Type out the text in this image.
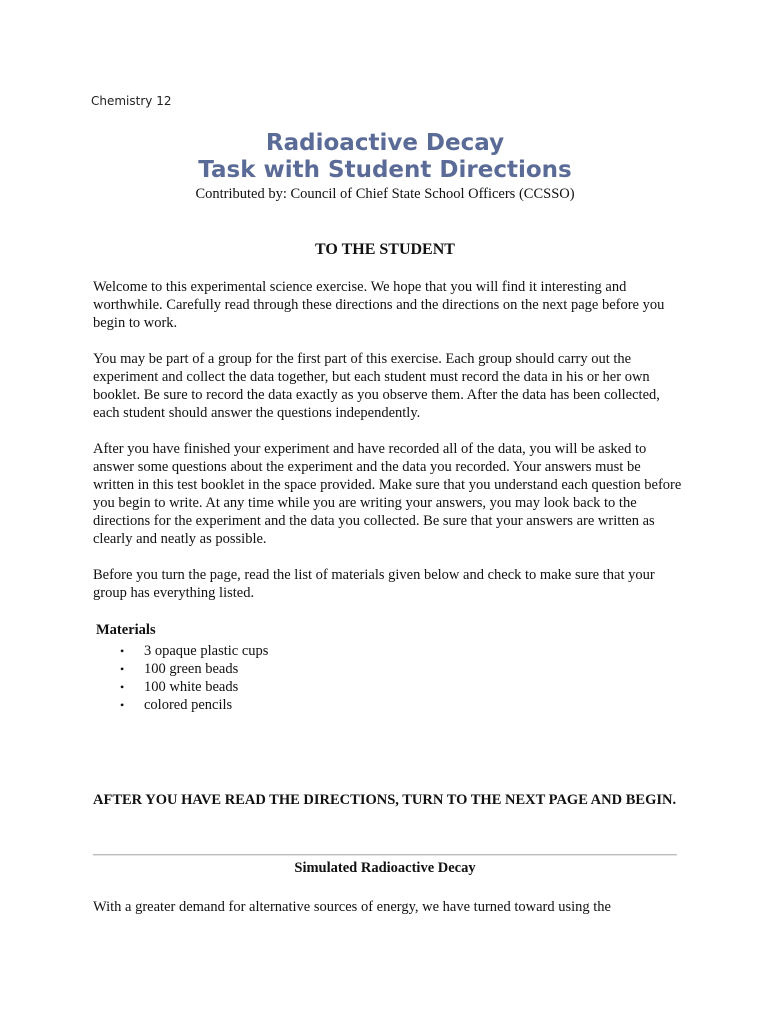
Chemistry 12
Radioactive Decay
Task with Student Directions
Contributed by: Council of Chief State School Officers (CCSSO)
TO THE STUDENT

Welcome to this experimental science exercise. We hope that you will find it interesting and worthwhile. Carefully read through these directions and the directions on the next page before you begin to work.

You may be part of a group for the first part of this exercise. Each group should carry out the experiment and collect the data together, but each student must record the data in his or her own booklet. Be sure to record the data exactly as you observe them. After the data has been collected, each student should answer the questions independently.

After you have finished your experiment and have recorded all of the data, you will be asked to answer some questions about the experiment and the data you recorded. Your answers must be written in this test booklet in the space provided. Make sure that you understand each question before you begin to write. At any time while you are writing your answers, you may look back to the directions for the experiment and the data you collected. Be sure that your answers are written as clearly and neatly as possible.

Before you turn the page, read the list of materials given below and check to make sure that your group has everything listed.

Materials
• 3 opaque plastic cups
• 100 green beads
• 100 white beads
• colored pencils
AFTER YOU HAVE READ THE DIRECTIONS, TURN TO THE NEXT PAGE AND BEGIN.
Simulated Radioactive Decay

With a greater demand for alternative sources of energy, we have turned toward using the
